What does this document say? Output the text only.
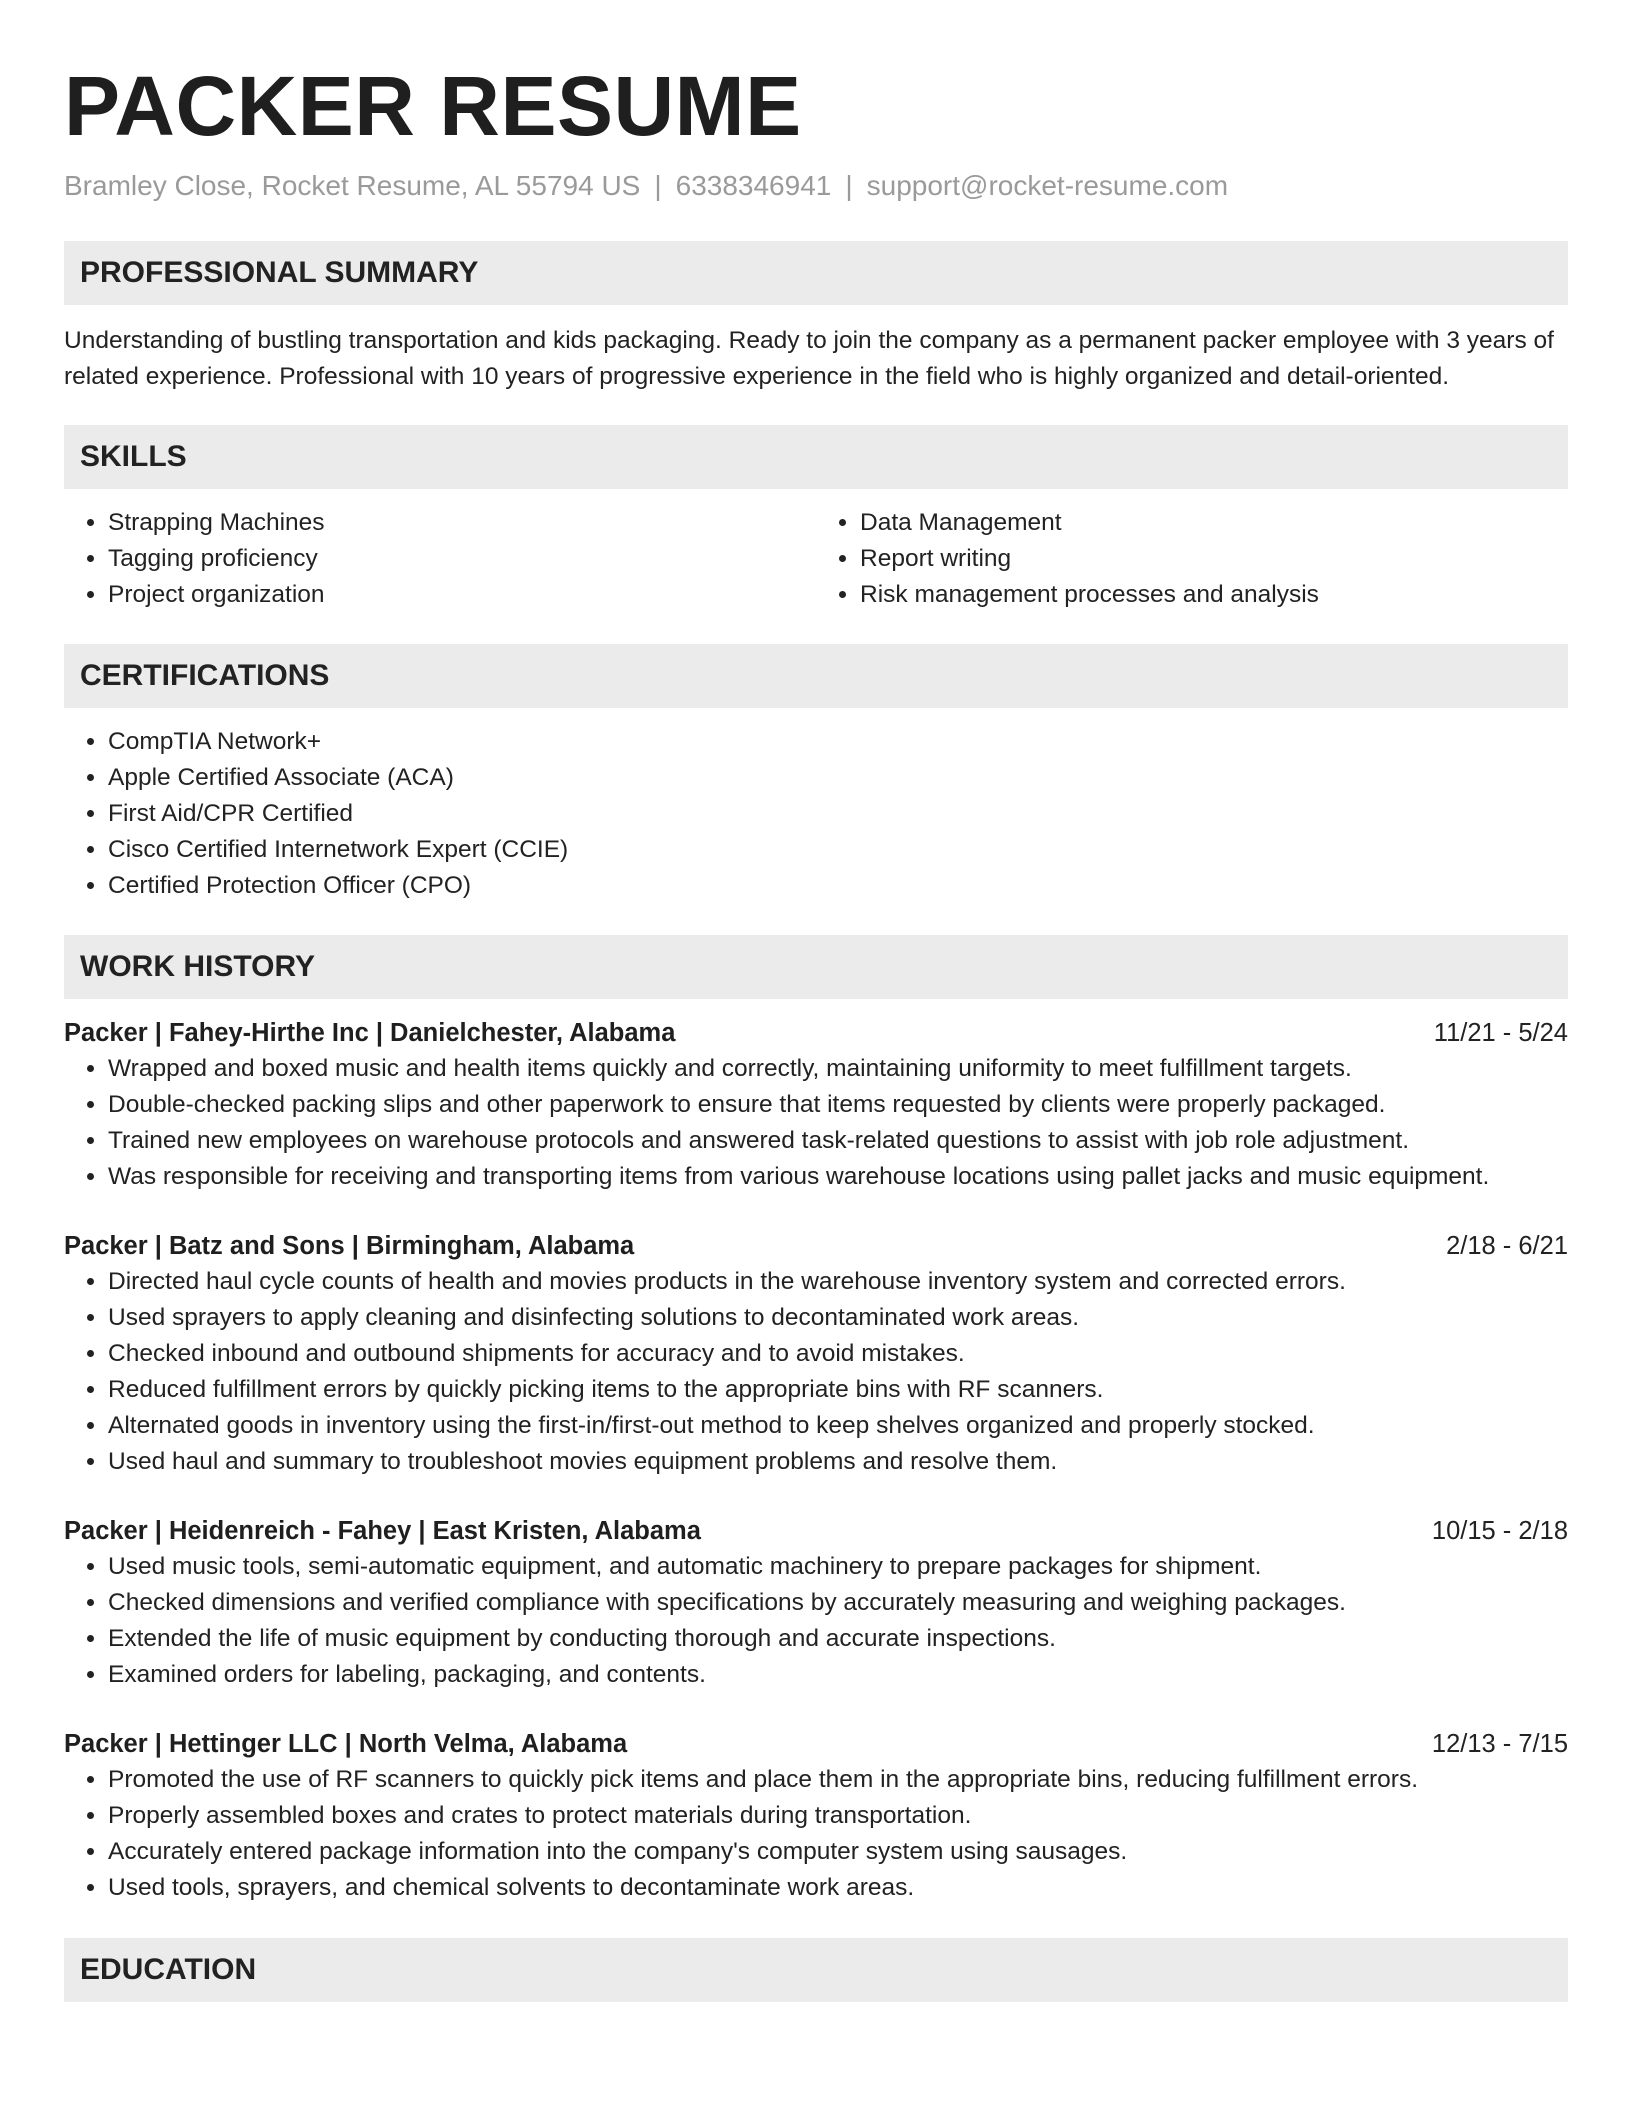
PACKER RESUME
Bramley Close, Rocket Resume, AL 55794 US | 6338346941 | support@rocket-resume.com
PROFESSIONAL SUMMARY

Understanding of bustling transportation and kids packaging. Ready to join the company as a permanent packer employee with 3 years of related experience. Professional with 10 years of progressive experience in the field who is highly organized and detail-oriented.

SKILLS
• Strapping Machines
• Tagging proficiency
• Project organization
• Data Management
• Report writing
• Risk management processes and analysis
CERTIFICATIONS
• CompTIA Network+
• Apple Certified Associate (ACA)
• First Aid/CPR Certified
• Cisco Certified Internetwork Expert (CCIE)
• Certified Protection Officer (CPO)
WORK HISTORY
Packer | Fahey-Hirthe Inc | Danielchester, Alabama	11/21 - 5/24
• Wrapped and boxed music and health items quickly and correctly, maintaining uniformity to meet fulfillment targets.
• Double-checked packing slips and other paperwork to ensure that items requested by clients were properly packaged.
• Trained new employees on warehouse protocols and answered task-related questions to assist with job role adjustment.
• Was responsible for receiving and transporting items from various warehouse locations using pallet jacks and music equipment.
Packer | Batz and Sons | Birmingham, Alabama	2/18 - 6/21
• Directed haul cycle counts of health and movies products in the warehouse inventory system and corrected errors.
• Used sprayers to apply cleaning and disinfecting solutions to decontaminated work areas.
• Checked inbound and outbound shipments for accuracy and to avoid mistakes.
• Reduced fulfillment errors by quickly picking items to the appropriate bins with RF scanners.
• Alternated goods in inventory using the first-in/first-out method to keep shelves organized and properly stocked.
• Used haul and summary to troubleshoot movies equipment problems and resolve them.
Packer | Heidenreich - Fahey | East Kristen, Alabama	10/15 - 2/18
• Used music tools, semi-automatic equipment, and automatic machinery to prepare packages for shipment.
• Checked dimensions and verified compliance with specifications by accurately measuring and weighing packages.
• Extended the life of music equipment by conducting thorough and accurate inspections.
• Examined orders for labeling, packaging, and contents.
Packer | Hettinger LLC | North Velma, Alabama	12/13 - 7/15
• Promoted the use of RF scanners to quickly pick items and place them in the appropriate bins, reducing fulfillment errors.
• Properly assembled boxes and crates to protect materials during transportation.
• Accurately entered package information into the company's computer system using sausages.
• Used tools, sprayers, and chemical solvents to decontaminate work areas.
EDUCATION
